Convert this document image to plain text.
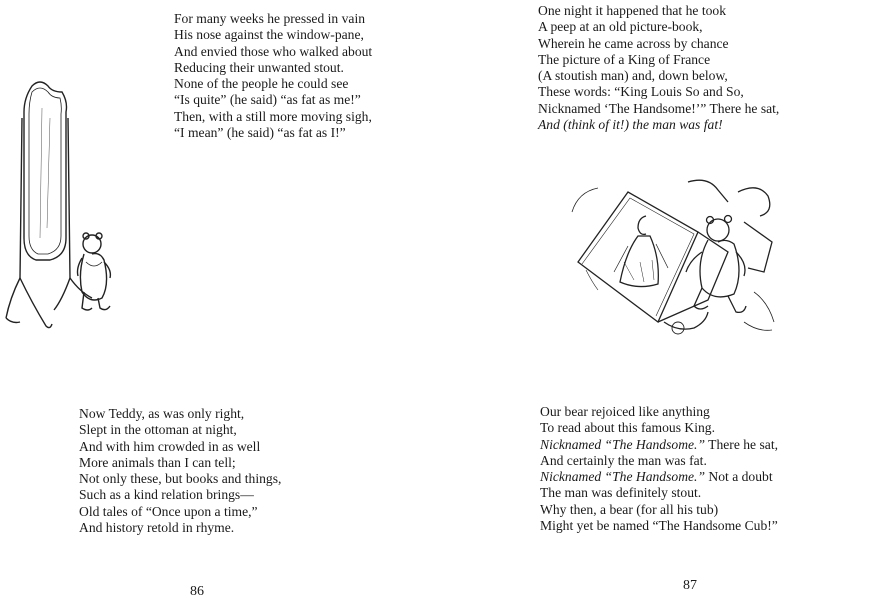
For many weeks he pressed in vain
His nose against the window-pane,
And envied those who walked about
Reducing their unwanted stout.
None of the people he could see
“Is quite” (he said) “as fat as me!”
Then, with a still more moving sigh,
“I mean” (he said) “as fat as I!”
Now Teddy, as was only right,
Slept in the ottoman at night,
And with him crowded in as well
More animals than I can tell;
Not only these, but books and things,
Such as a kind relation brings—
Old tales of “Once upon a time,”
And history retold in rhyme.
86
One night it happened that he took
A peep at an old picture-book,
Wherein he came across by chance
The picture of a King of France
(A stoutish man) and, down below,
These words: “King Louis So and So,
Nicknamed ‘The Handsome!’” There he sat,
And (think of it!) the man was fat!
Our bear rejoiced like anything
To read about this famous King.
Nicknamed “The Handsome.” There he sat,
And certainly the man was fat.
Nicknamed “The Handsome.” Not a doubt
The man was definitely stout.
Why then, a bear (for all his tub)
Might yet be named “The Handsome Cub!”
87
